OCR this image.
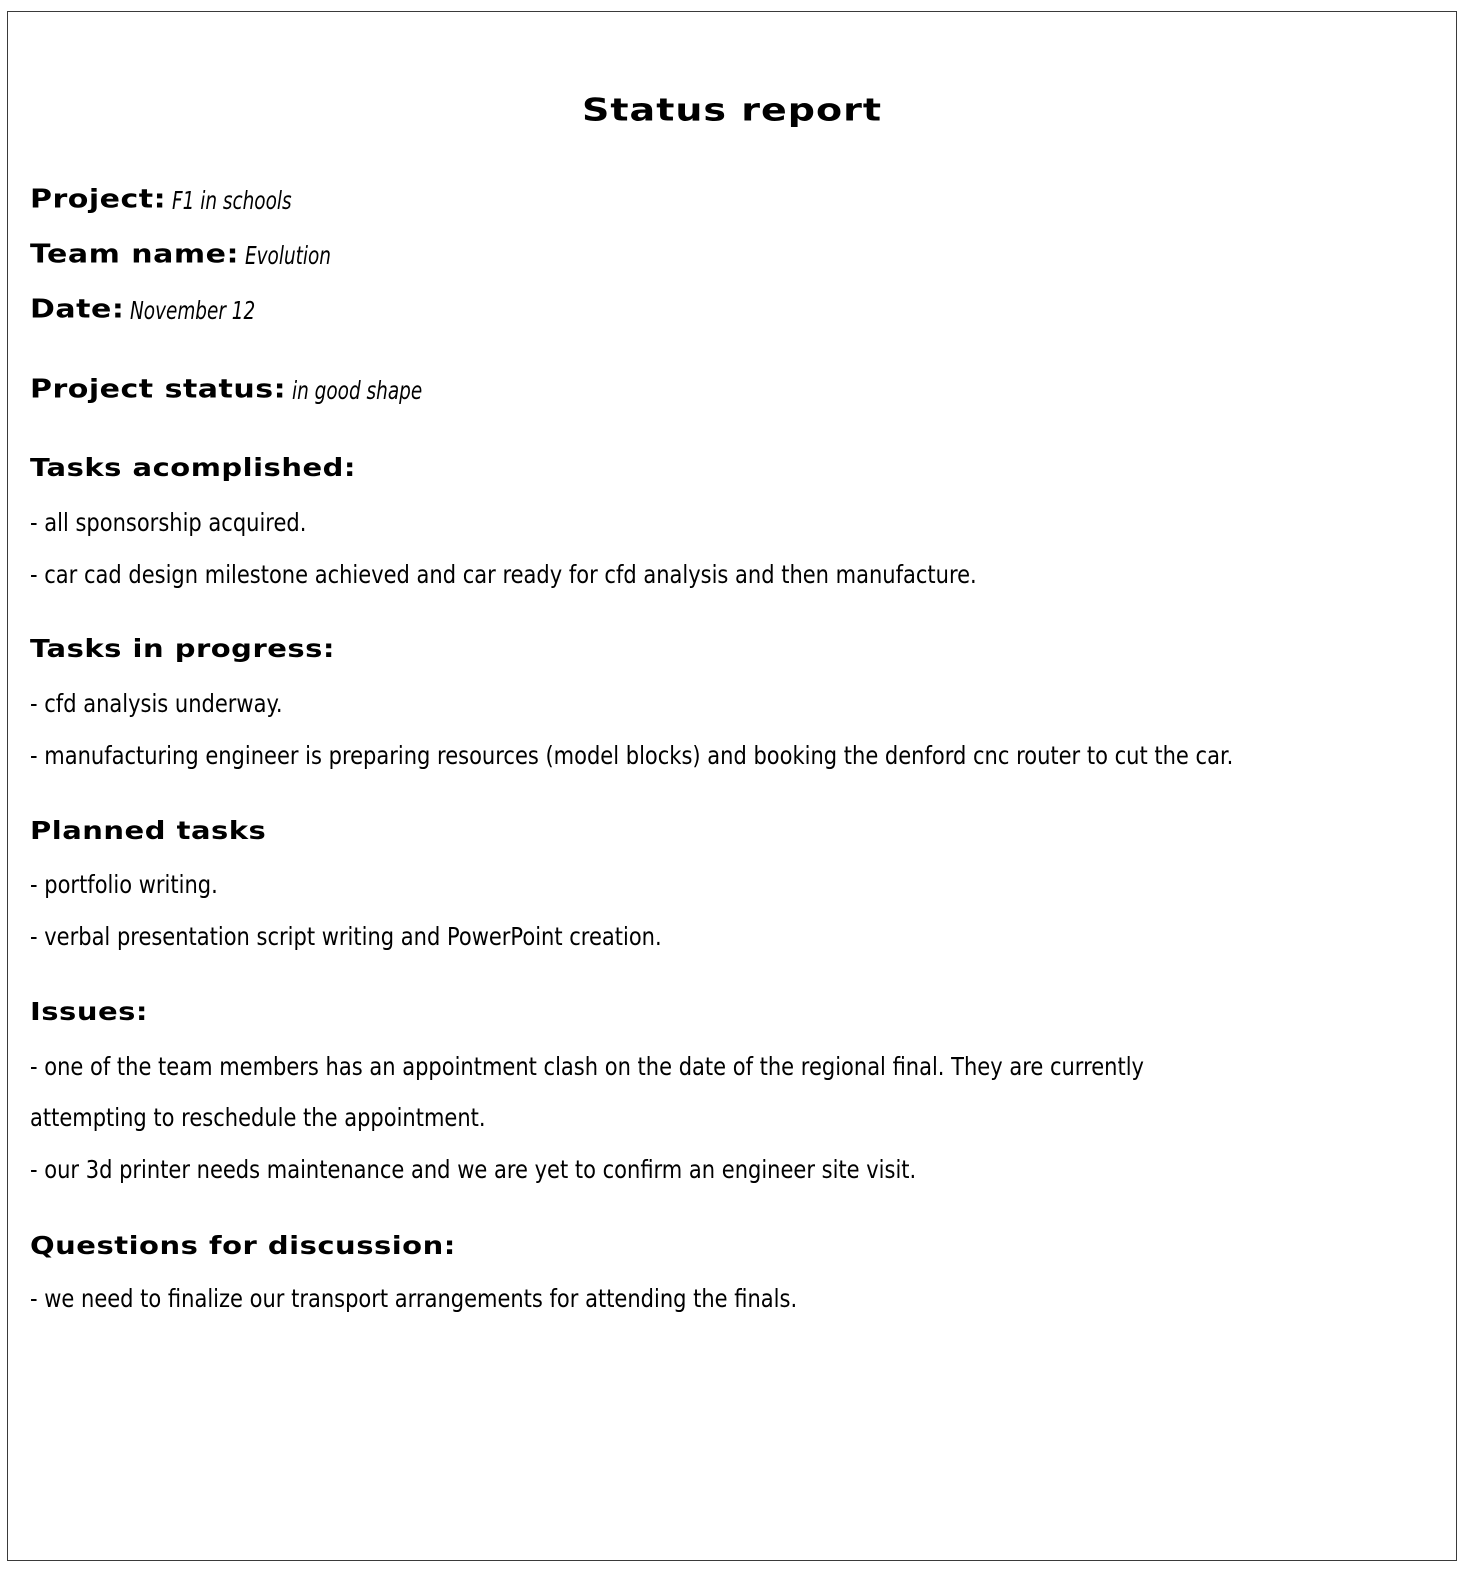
Status report
Project: F1 in schools
Team name: Evolution
Date: November 12
Project status: in good shape
Tasks acomplished:
- all sponsorship acquired.
- car cad design milestone achieved and car ready for cfd analysis and then manufacture.
Tasks in progress:
- cfd analysis underway.
- manufacturing engineer is preparing resources (model blocks) and booking the denford cnc router to cut the car.
Planned tasks
- portfolio writing.
- verbal presentation script writing and PowerPoint creation.
Issues:
- one of the team members has an appointment clash on the date of the regional final. They are currently
attempting to reschedule the appointment.
- our 3d printer needs maintenance and we are yet to confirm an engineer site visit.
Questions for discussion:
- we need to finalize our transport arrangements for attending the finals.
